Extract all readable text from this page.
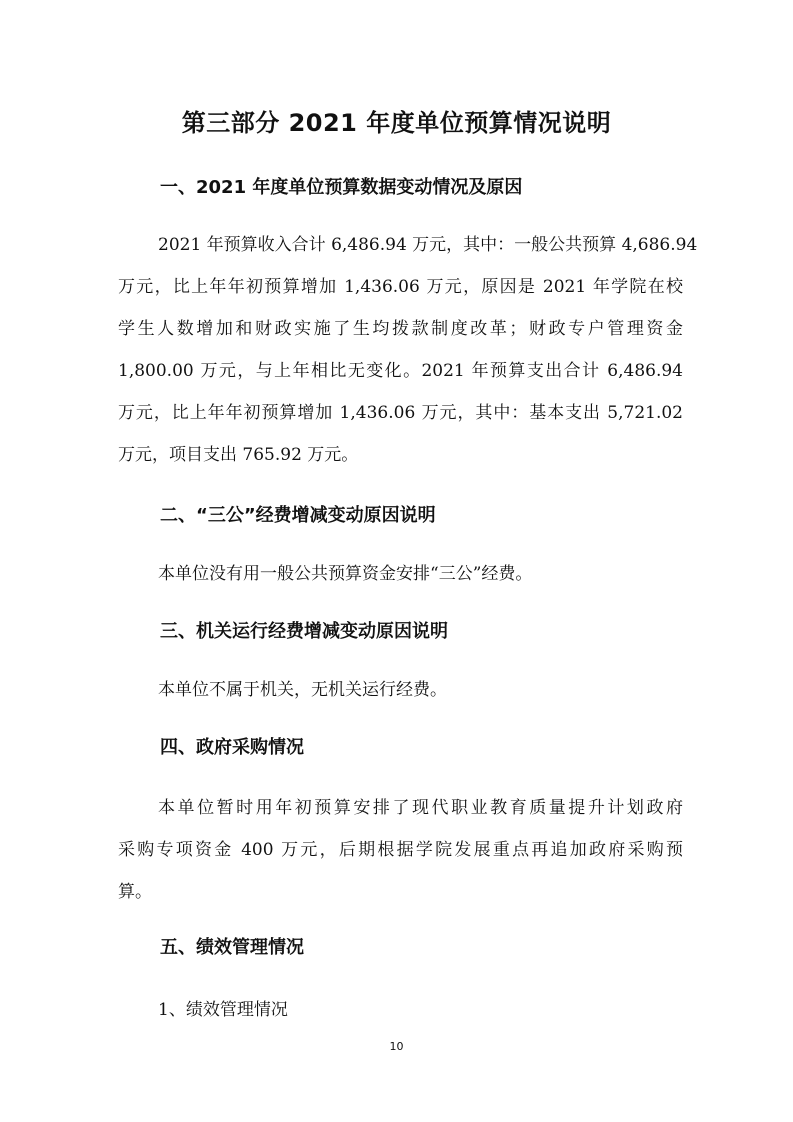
第三部分 2021 年度单位预算情况说明
一、2021 年度单位预算数据变动情况及原因
2021 年预算收入合计 6,486.94 万元，其中：一般公共预算 4,686.94
万元，比上年年初预算增加 1,436.06 万元，原因是 2021 年学院在校
学生人数增加和财政实施了生均拨款制度改革；财政专户管理资金
1,800.00 万元，与上年相比无变化。2021 年预算支出合计 6,486.94
万元，比上年年初预算增加 1,436.06 万元，其中：基本支出 5,721.02
万元，项目支出 765.92 万元。
二、“三公”经费增减变动原因说明
本单位没有用一般公共预算资金安排“三公”经费。
三、机关运行经费增减变动原因说明
本单位不属于机关，无机关运行经费。
四、政府采购情况
本单位暂时用年初预算安排了现代职业教育质量提升计划政府
采购专项资金 400 万元，后期根据学院发展重点再追加政府采购预
算。
五、绩效管理情况
1、绩效管理情况
10
